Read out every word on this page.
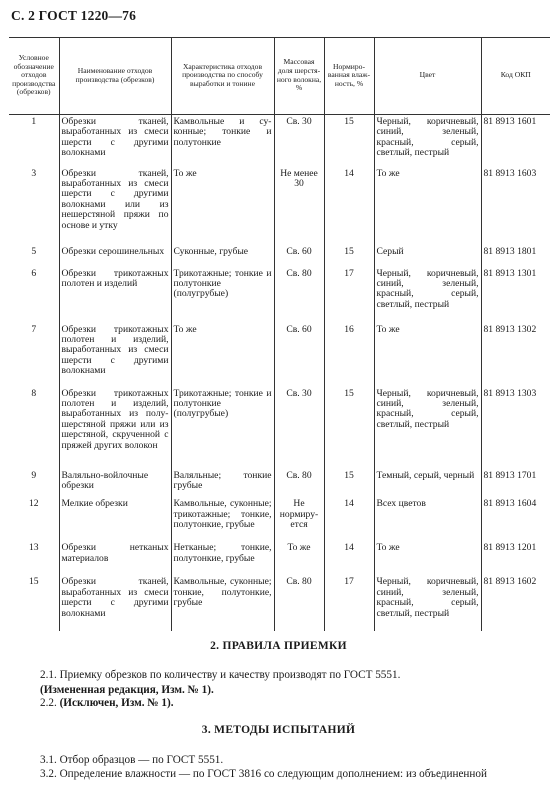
С. 2 ГОСТ 1220—76
Условное обозначение отходов производства (обрезков)	Наименование отходов производства (обрезков)	Характеристика отходов производства по способу выработки и тонине	Массовая доля шерстяного волокна, %	Нормированная влажность, %	Цвет	Код ОКП
1	Обрезки тканей, выработанных из смеси шерсти с другими волокнами	Камвольные и суконные; тонкие и полутонкие	Св. 30	15	Черный, коричневый, синий, зеленый, красный, серый, светлый, пестрый	81 8913 1601
3	Обрезки тканей, выработанных из смеси шерсти с другими волокнами или из нешерстяной пряжи по основе и утку	То же	Не менее 30	14	То же	81 8913 1603
5	Обрезки серошинельных	Суконные, грубые	Св. 60	15	Серый	81 8913 1801
6	Обрезки трикотажных полотен и изделий	Трикотажные; тонкие и полутонкие (полугрубые)	Св. 80	17	Черный, коричневый, синий, зеленый, красный, серый, светлый, пестрый	81 8913 1301
7	Обрезки трикотажных полотен и изделий, выработанных из смеси шерсти с другими волокнами	То же	Св. 60	16	То же	81 8913 1302
8	Обрезки трикотажных полотен и изделий, выработанных из полушерстяной пряжи или из шерстяной, скрученной с пряжей других волокон	Трикотажные; тонкие и полутонкие (полугрубые)	Св. 30	15	Черный, коричневый, синий, зеленый, красный, серый, светлый, пестрый	81 8913 1303
9	Валяльно-войлочные обрезки	Валяльные; тонкие грубые	Св. 80	15	Темный, серый, черный	81 8913 1701
12	Мелкие обрезки	Камвольные, суконные; трикотажные; тонкие, полутонкие, грубые	Не нормируется	14	Всех цветов	81 8913 1604
13	Обрезки нетканых материалов	Нетканые; тонкие, полутонкие, грубые	То же	14	То же	81 8913 1201
15	Обрезки тканей, выработанных из смеси шерсти с другими волокнами	Камвольные, суконные; тонкие, полутонкие, грубые	Св. 80	17	Черный, коричневый, синий, зеленый, красный, серый, светлый, пестрый	81 8913 1602
2. ПРАВИЛА ПРИЕМКИ
2.1. Приемку обрезков по количеству и качеству производят по ГОСТ 5551.
(Измененная редакция, Изм. № 1).
2.2. (Исключен, Изм. № 1).
3. МЕТОДЫ ИСПЫТАНИЙ
3.1. Отбор образцов — по ГОСТ 5551.
3.2. Определение влажности — по ГОСТ 3816 со следующим дополнением: из объединенной
